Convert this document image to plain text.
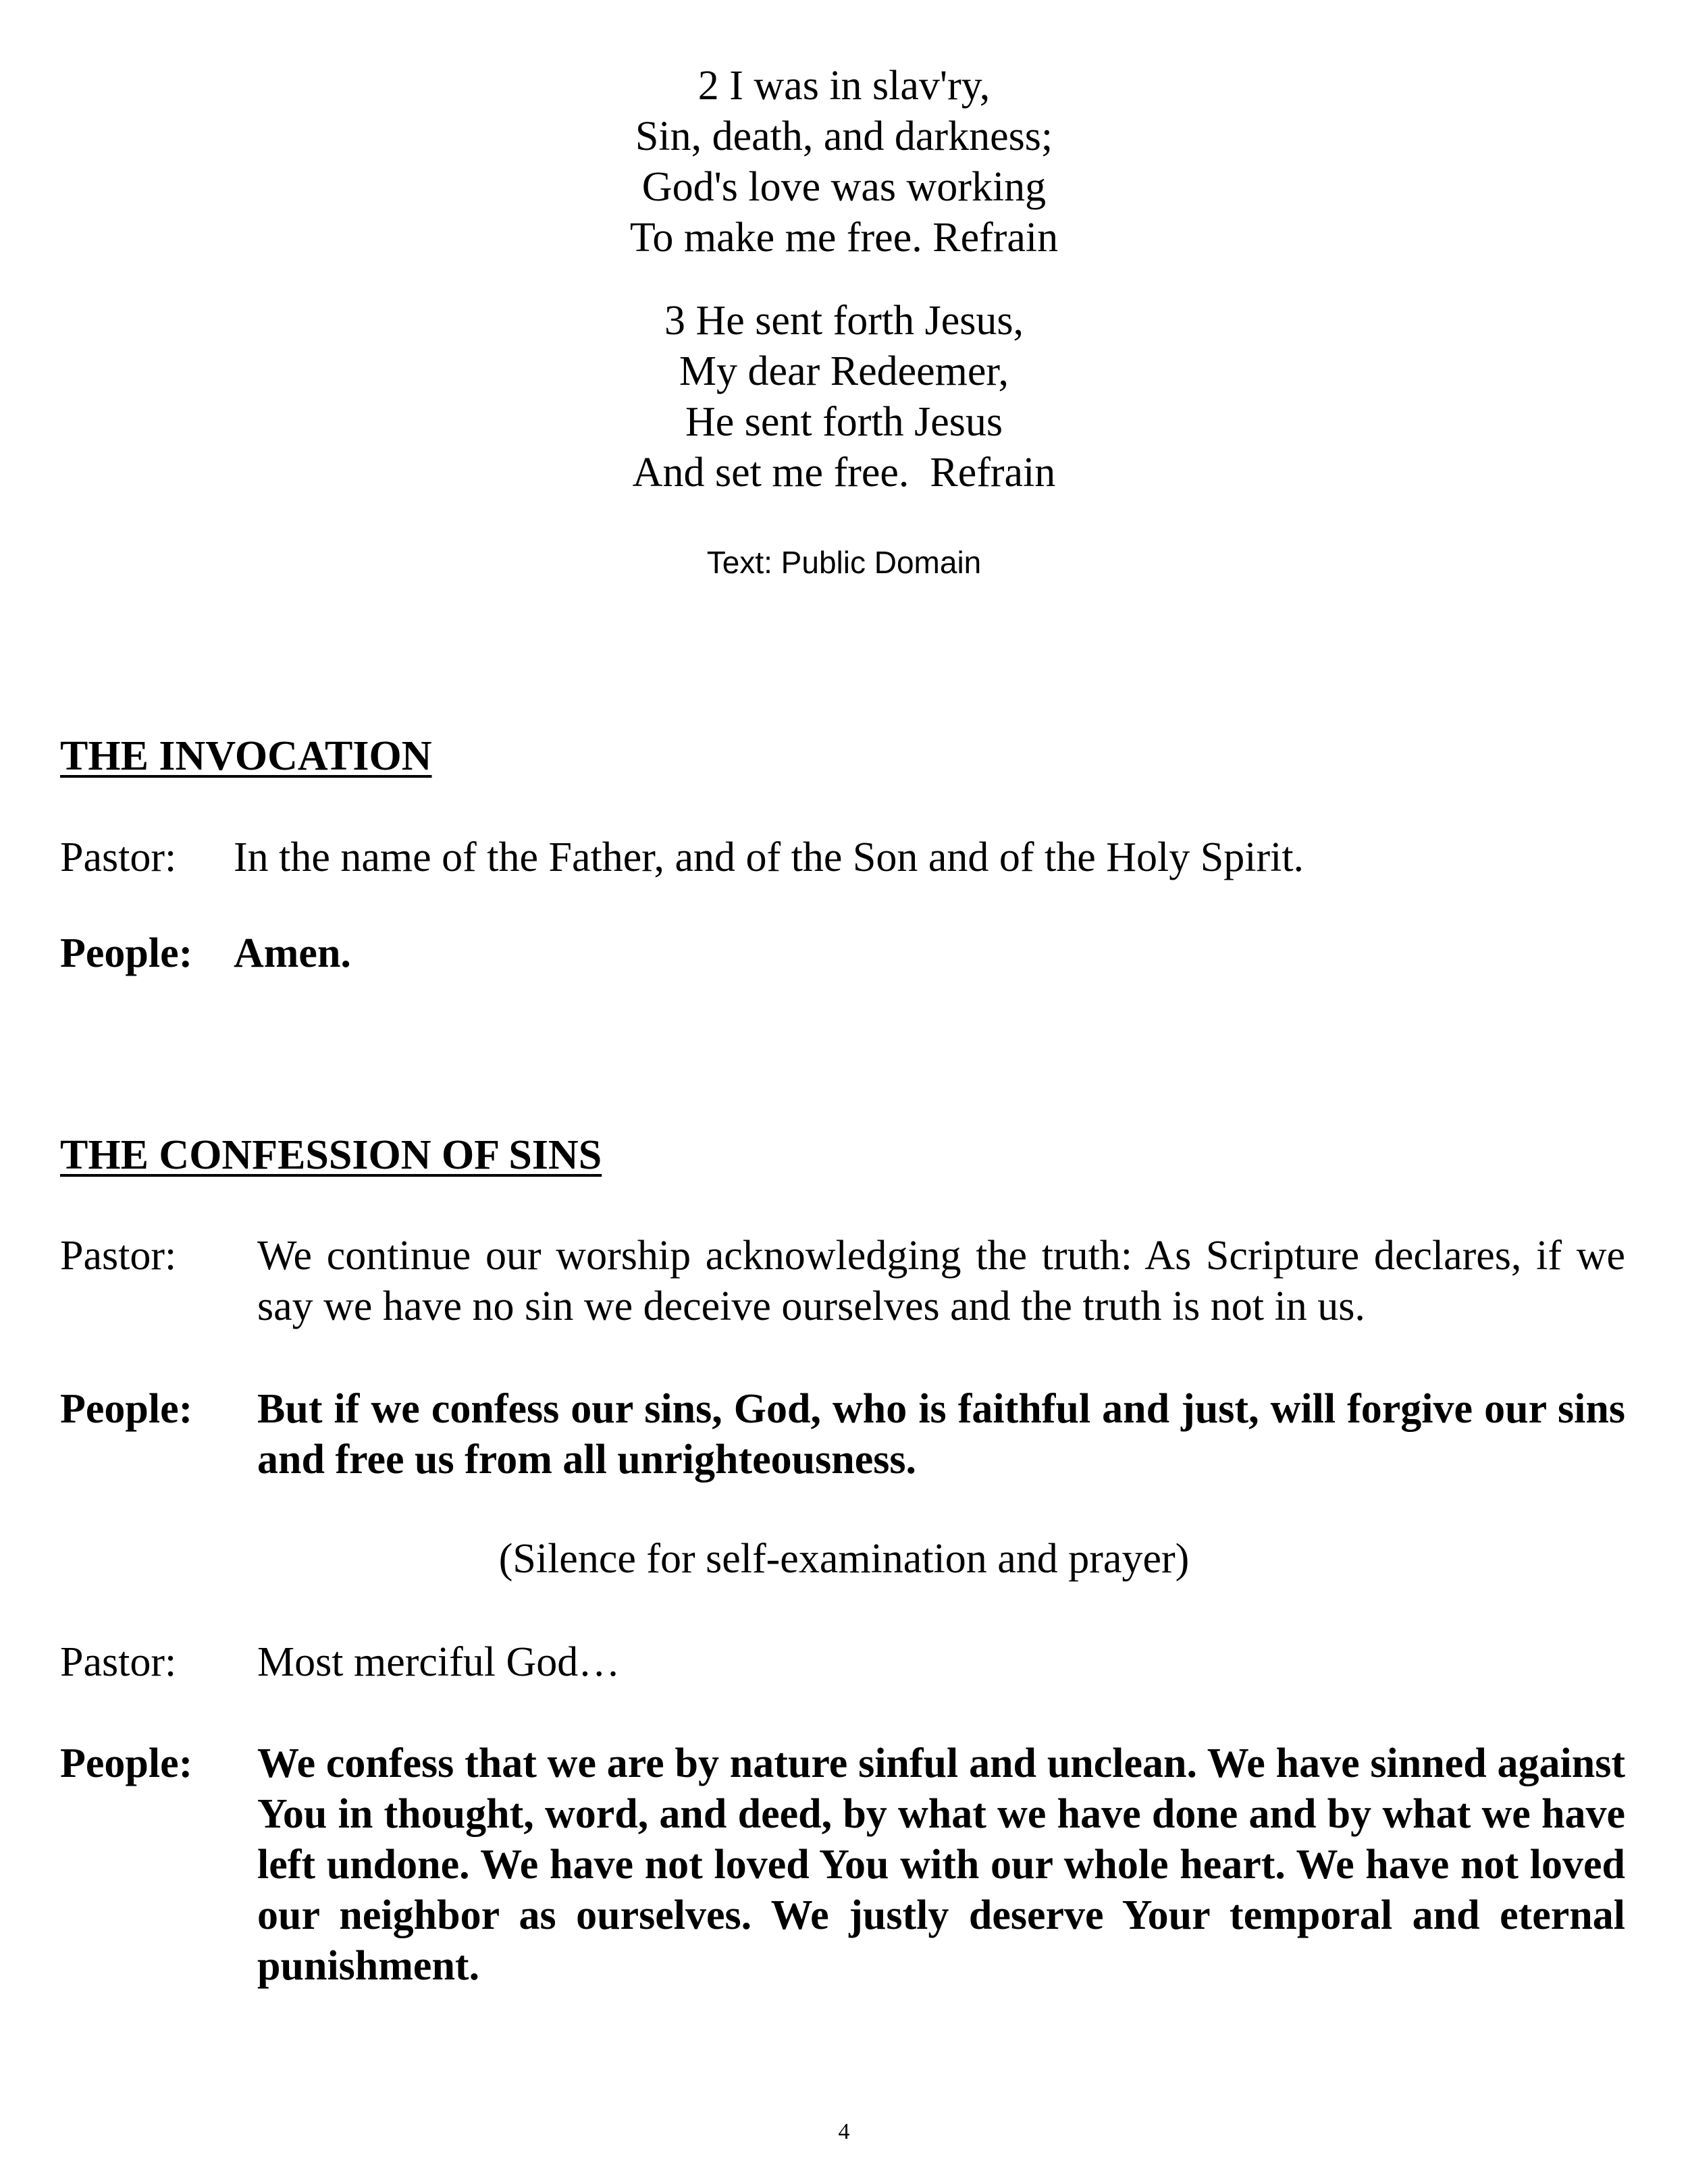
2 I was in slav'ry,
Sin, death, and darkness;
God's love was working
To make me free. Refrain
3 He sent forth Jesus,
My dear Redeemer,
He sent forth Jesus
And set me free.  Refrain
Text: Public Domain
THE INVOCATION
Pastor: In the name of the Father, and of the Son and of the Holy Spirit.
People: Amen.
THE CONFESSION OF SINS
Pastor: We continue our worship acknowledging the truth: As Scripture declares, if we say we have no sin we deceive ourselves and the truth is not in us.
People: But if we confess our sins, God, who is faithful and just, will forgive our sins and free us from all unrighteousness.
(Silence for self-examination and prayer)
Pastor: Most merciful God…
People: We confess that we are by nature sinful and unclean. We have sinned against You in thought, word, and deed, by what we have done and by what we have left undone. We have not loved You with our whole heart. We have not loved our neighbor as ourselves. We justly deserve Your temporal and eternal punishment.
4
